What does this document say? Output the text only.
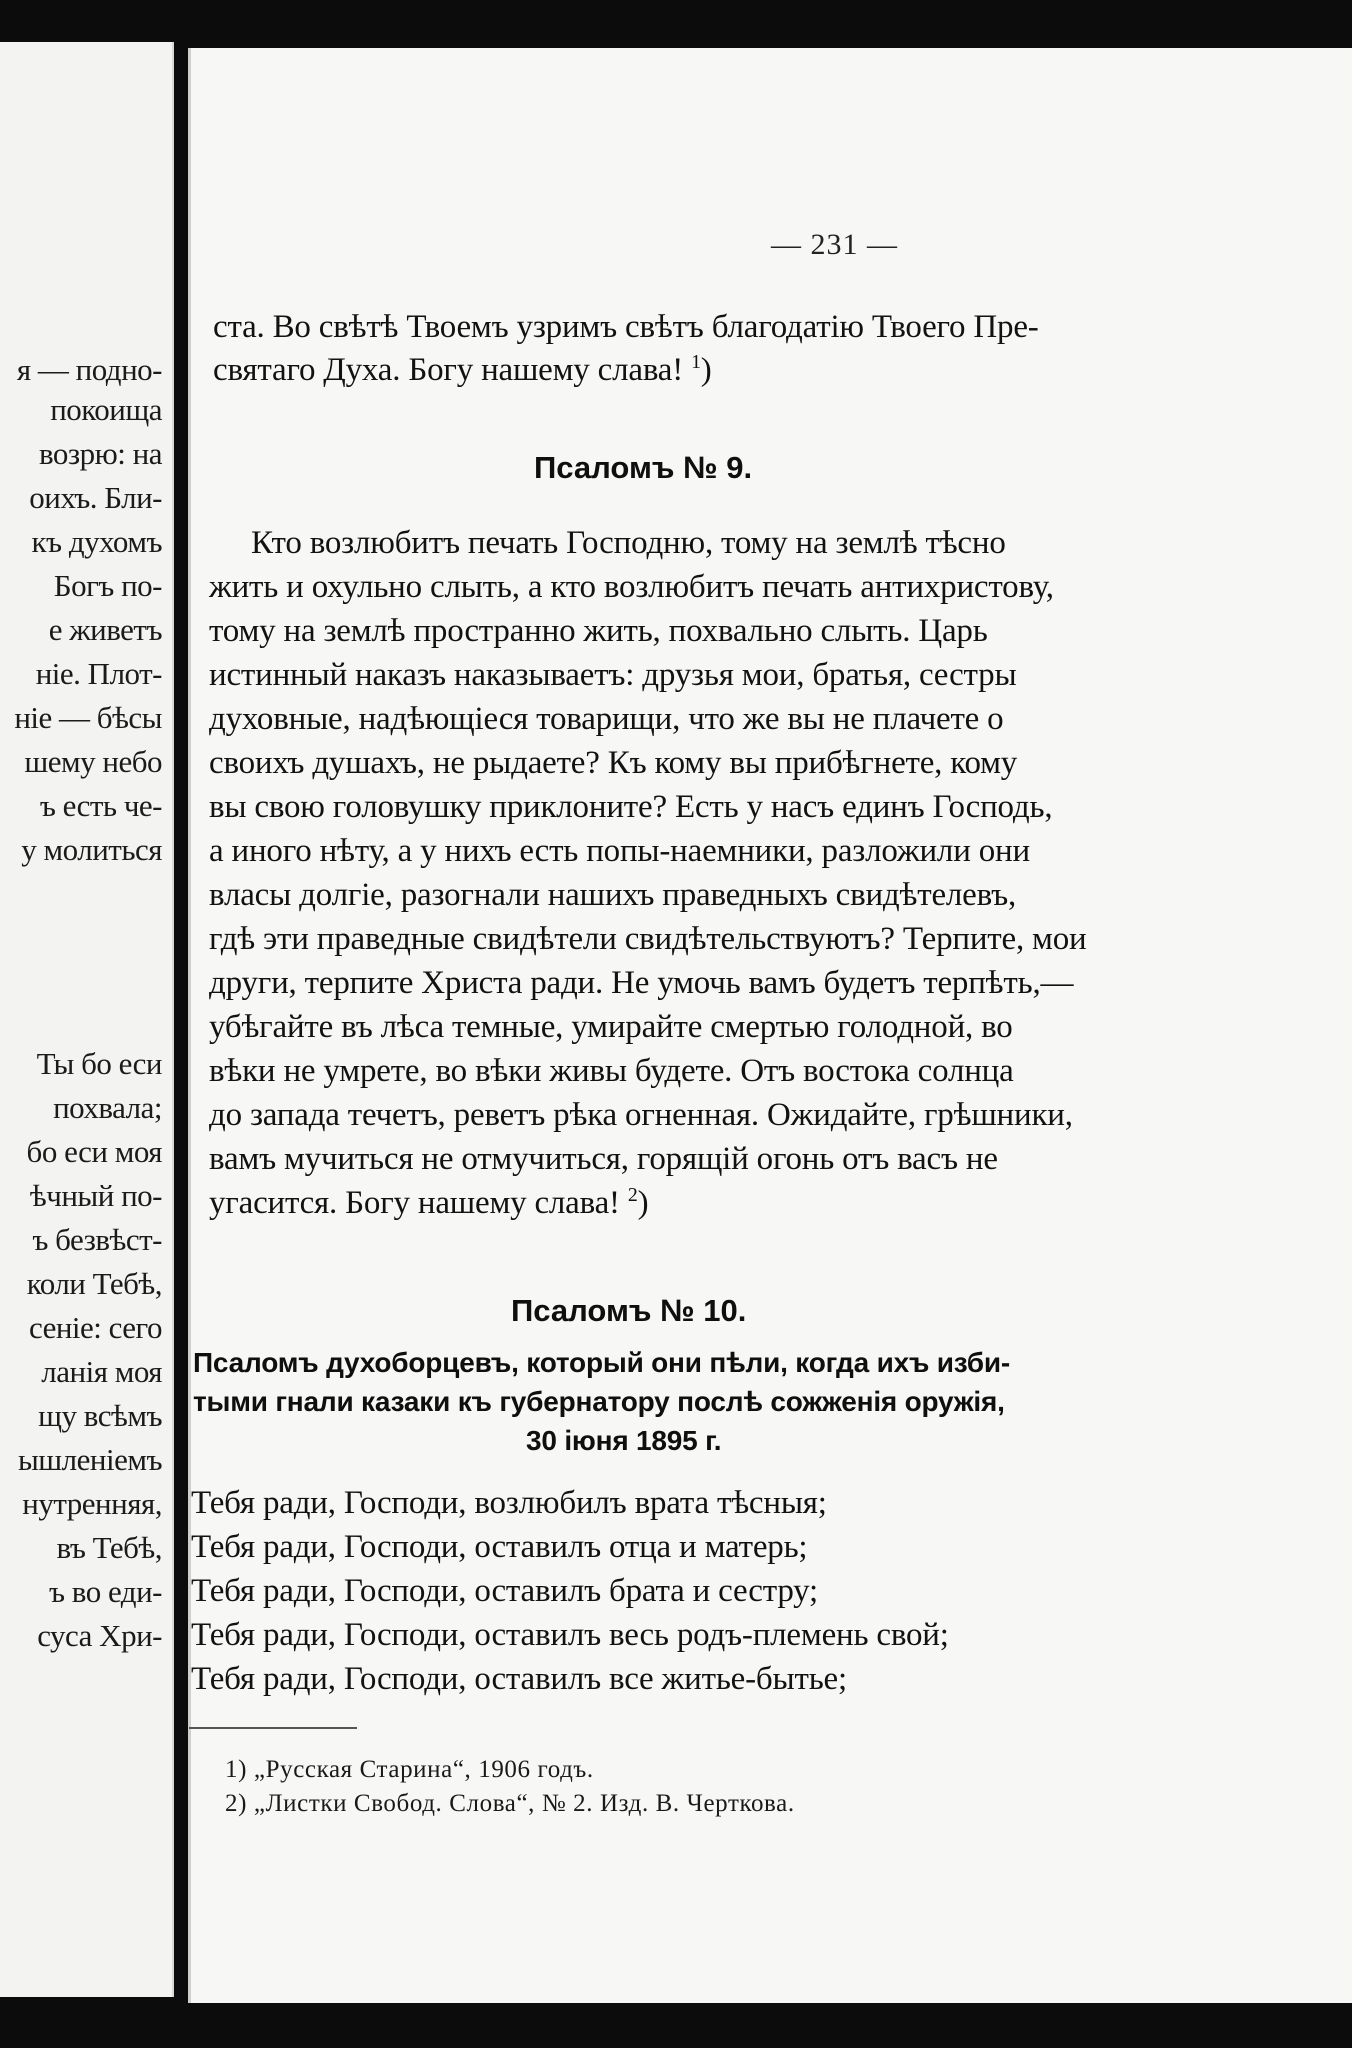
я — подно-
покоища
возрю: на
оихъ. Бли-
къ духомъ
Богъ по-
е живетъ
ніе. Плот-
ніе — бѣсы
шему небо
ъ есть че-
у молиться
Ты бо еси
похвала;
бо еси моя
ѣчный по-
ъ безвѣст-
коли Тебѣ,
сеніе: сего
ланія моя
щу всѣмъ
ышленіемъ
нутренняя,
въ Тебѣ,
ъ во еди-
суса Хри-
— 231 —
ста. Во свѣтѣ Твоемъ узримъ свѣтъ благодатію Твоего Пре-
святаго Духа. Богу нашему слава! $^1$)
Псаломъ № 9.
Кто возлюбитъ печать Господню, тому на землѣ тѣсно
жить и охульно слыть, а кто возлюбитъ печать антихристову,
тому на землѣ пространно жить, похвально слыть. Царь
истинный наказъ наказываетъ: друзья мои, братья, сестры
духовные, надѣющіеся товарищи, что же вы не плачете о
своихъ душахъ, не рыдаете? Къ кому вы прибѣгнете, кому
вы свою головушку приклоните? Есть у насъ единъ Господь,
а иного нѣту, а у нихъ есть попы-наемники, разложили они
власы долгіе, разогнали нашихъ праведныхъ свидѣтелевъ,
гдѣ эти праведные свидѣтели свидѣтельствуютъ? Терпите, мои
други, терпите Христа ради. Не умочь вамъ будетъ терпѣть,—
убѣгайте въ лѣса темные, умирайте смертью голодной, во
вѣки не умрете, во вѣки живы будете. Отъ востока солнца
до запада течетъ, реветъ рѣка огненная. Ожидайте, грѣшники,
вамъ мучиться не отмучиться, горящій огонь отъ васъ не
угасится. Богу нашему слава! $^2$)
Псаломъ № 10.
Псаломъ духоборцевъ, который они пѣли, когда ихъ изби-
тыми гнали казаки къ губернатору послѣ сожженія оружія,
30 іюня 1895 г.
Тебя ради, Господи, возлюбилъ врата тѣсныя;
Тебя ради, Господи, оставилъ отца и матерь;
Тебя ради, Господи, оставилъ брата и сестру;
Тебя ради, Господи, оставилъ весь родъ-племень свой;
Тебя ради, Господи, оставилъ все житье-бытье;
1) „Русская Старина“, 1906 годъ.
2) „Листки Свобод. Слова“, № 2. Изд. В. Черткова.
